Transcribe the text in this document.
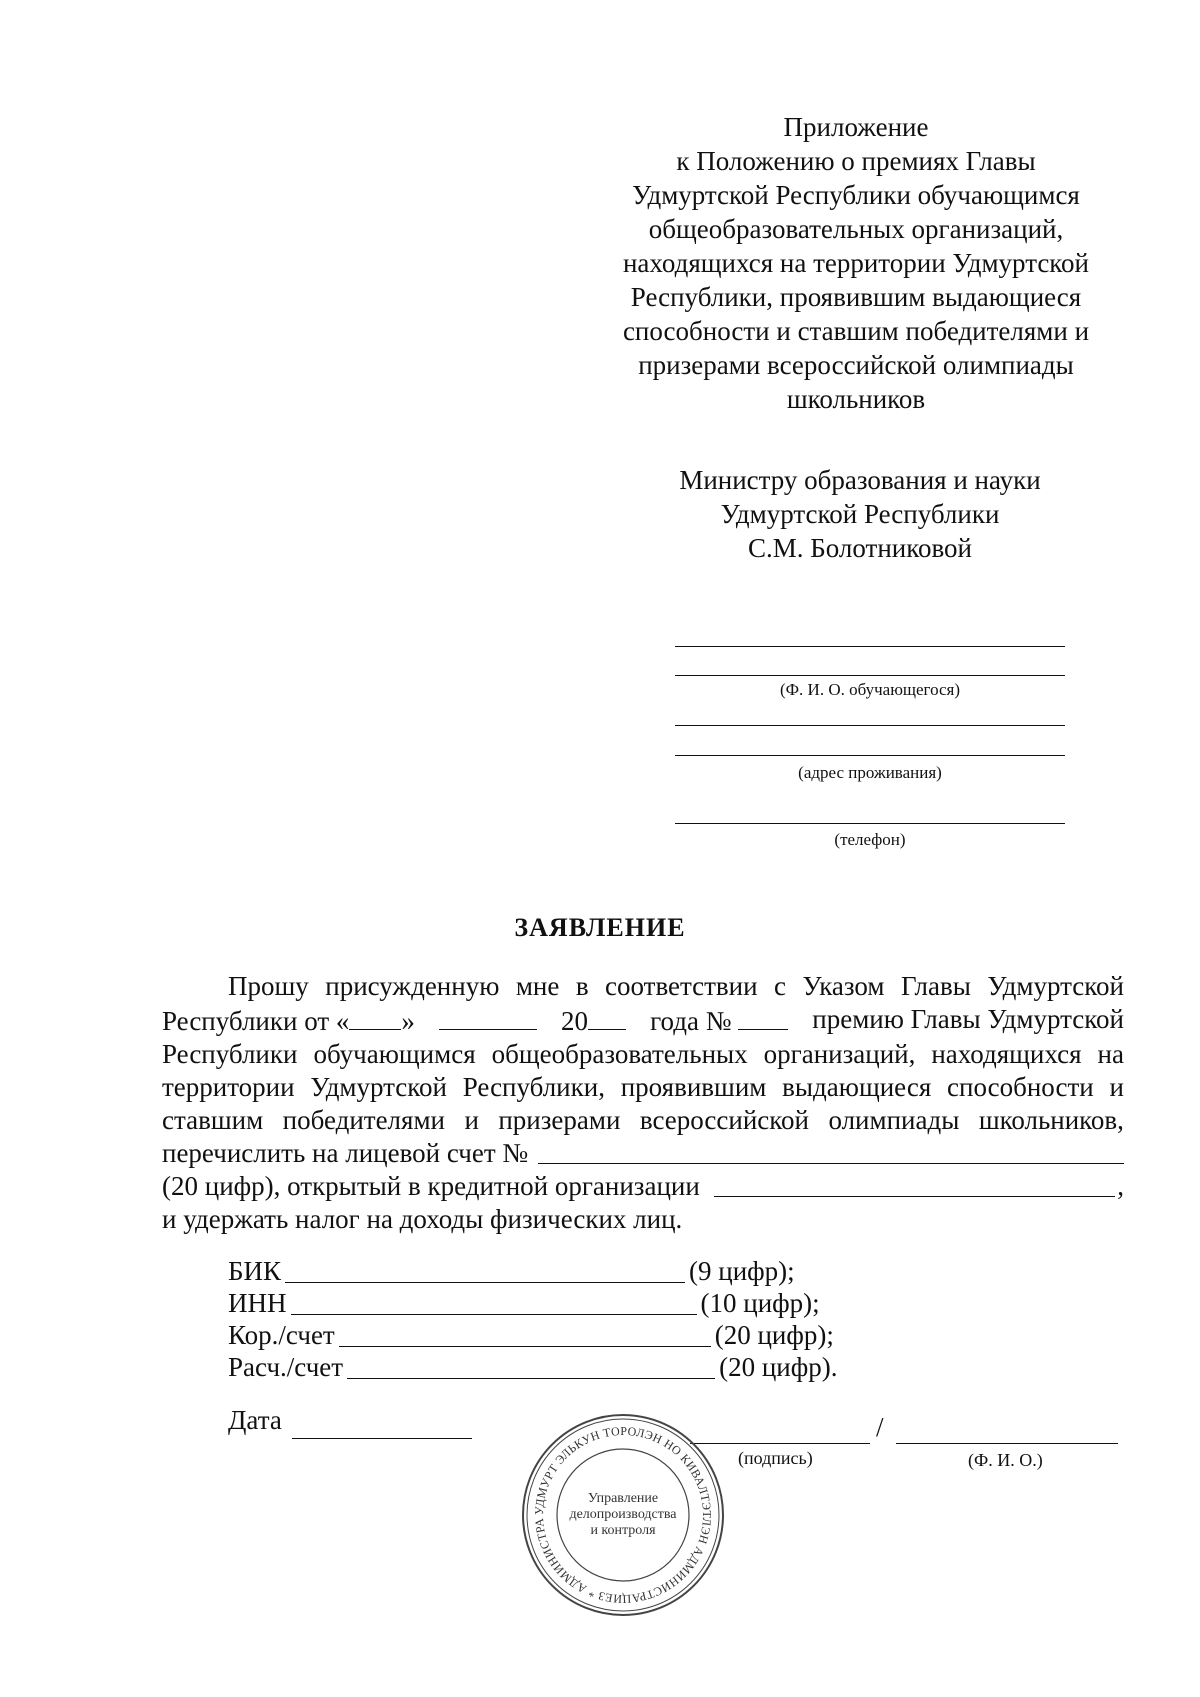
Приложение
к Положению о премиях Главы
Удмуртской Республики обучающимся
общеобразовательных организаций,
находящихся на территории Удмуртской
Республики, проявившим выдающиеся
способности и ставшим победителями и
призерами всероссийской олимпиады
школьников
Министру образования и науки
Удмуртской Республики
С.М. Болотниковой
(Ф. И. О. обучающегося)
(адрес проживания)
(телефон)
ЗАЯВЛЕНИЕ
Прошу присужденную мне в соответствии с Указом Главы Удмуртской
Республики от « »	20	года №	премию Главы Удмуртской
Республики обучающимся общеобразовательных организаций, находящихся на
территории Удмуртской Республики, проявившим выдающиеся способности и
ставшим победителями и призерами всероссийской олимпиады школьников,
перечислить на лицевой счет №
(20 цифр), открытый в кредитной организации	,
и удержать налог на доходы физических лиц.
БИК	(9 цифр);
ИНН	(10 цифр);
Кор./счет	(20 цифр);
Расч./счет	(20 цифр).
Дата	/
(подпись)	(Ф. И. О.)
УДМУРТ ЭЛЬКУН ТОРОЛЭН НО КИВАЛТЭТЛЭН АДМИНИСТРАЦИЕЗ * АДМИНИСТРА
Управление
делопроизводства
и контроля
